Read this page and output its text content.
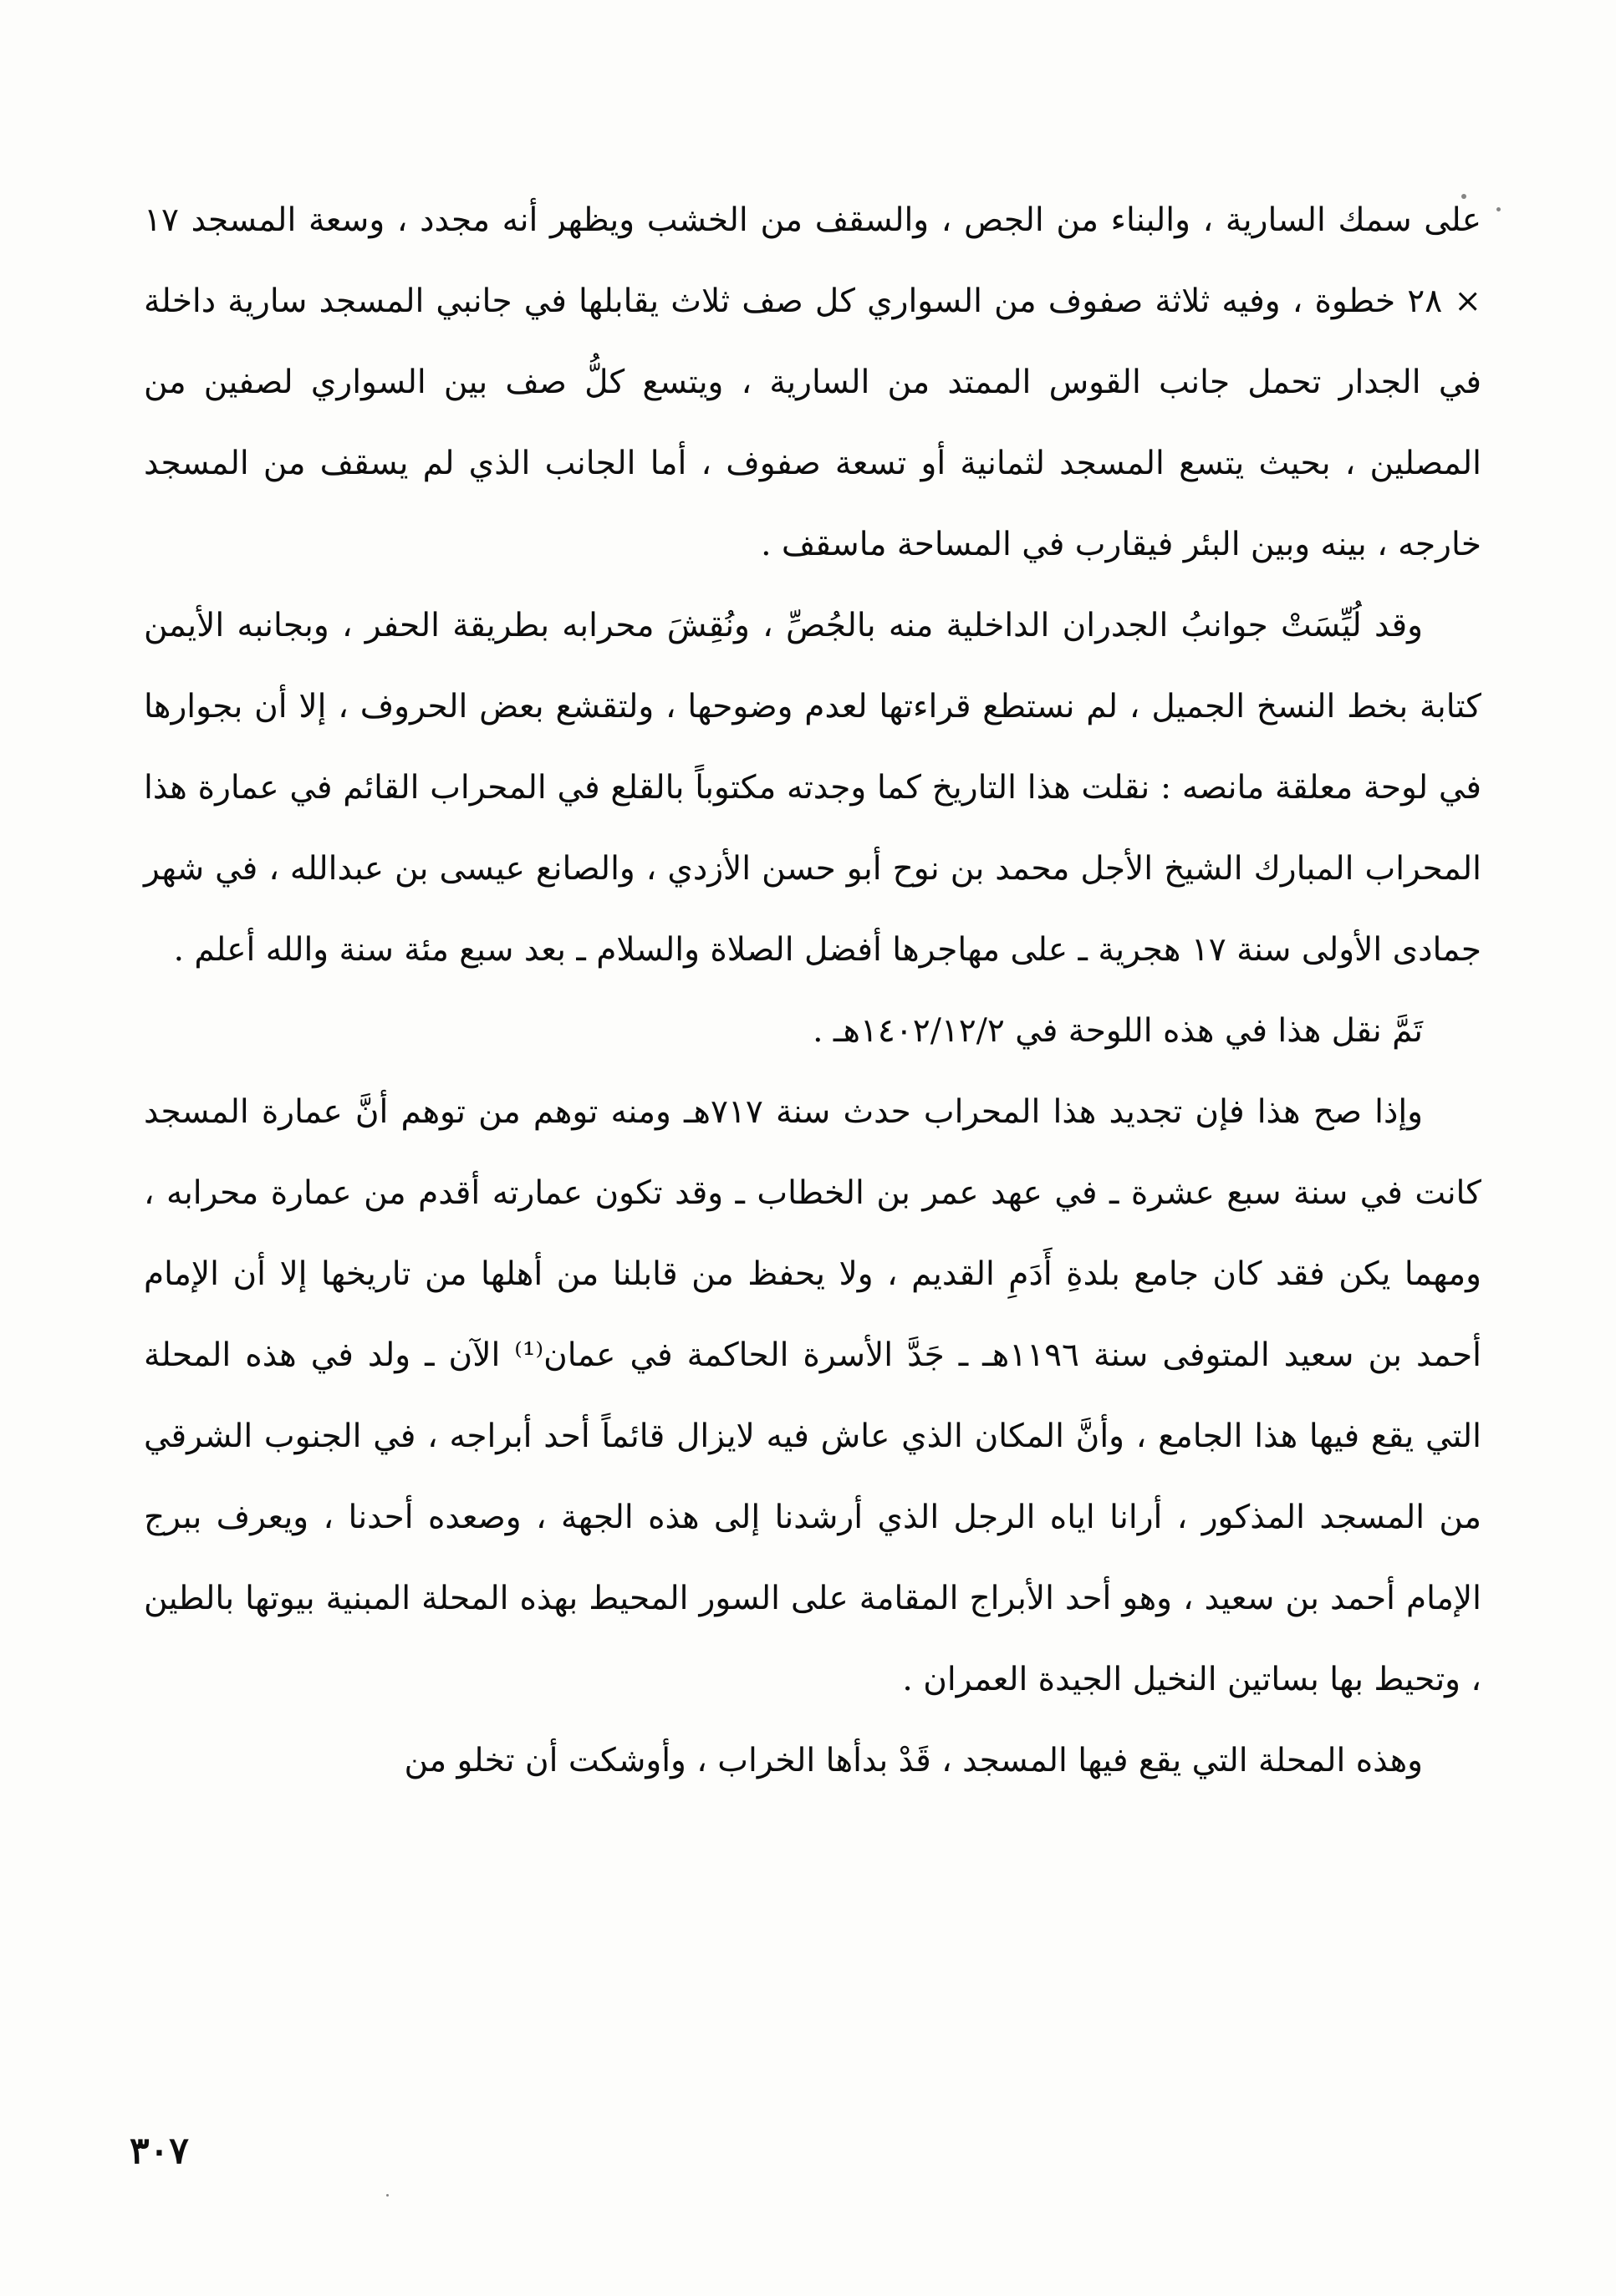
على سمك السارية ، والبناء من الجص ، والسقف من الخشب ويظهر أنه مجدد ، وسعة المسجد ١٧ × ٢٨ خطوة ، وفيه ثلاثة صفوف من السواري كل صف ثلاث يقابلها في جانبي المسجد سارية داخلة في الجدار تحمل جانب القوس الممتد من السارية ، ويتسع كلُّ صف بين السواري لصفين من المصلين ، بحيث يتسع المسجد لثمانية أو تسعة صفوف ، أما الجانب الذي لم يسقف من المسجد خارجه ، بينه وبين البئر فيقارب في المساحة ماسقف .

وقد لُيِّسَتْ جوانبُ الجدران الداخلية منه بالجُصِّ ، ونُقِشَ محرابه بطريقة الحفر ، وبجانبه الأيمن كتابة بخط النسخ الجميل ، لم نستطع قراءتها لعدم وضوحها ، ولتقشع بعض الحروف ، إلا أن بجوارها في لوحة معلقة مانصه : نقلت هذا التاريخ كما وجدته مكتوباً بالقلع في المحراب القائم في عمارة هذا المحراب المبارك الشيخ الأجل محمد بن نوح أبو حسن الأزدي ، والصانع عيسى بن عبدالله ، في شهر جمادى الأولى سنة ١٧ هجرية ـ على مهاجرها أفضل الصلاة والسلام ـ بعد سبع مئة سنة والله أعلم .

تَمَّ نقل هذا في هذه اللوحة في ١٤٠٢/١٢/٢هـ .

وإذا صح هذا فإن تجديد هذا المحراب حدث سنة ٧١٧هـ ومنه توهم من توهم أنَّ عمارة المسجد كانت في سنة سبع عشرة ـ في عهد عمر بن الخطاب ـ وقد تكون عمارته أقدم من عمارة محرابه ، ومهما يكن فقد كان جامع بلدةِ أَدَمِ القديم ، ولا يحفظ من قابلنا من أهلها من تاريخها إلا أن الإمام أحمد بن سعيد المتوفى سنة ١١٩٦هـ ـ جَدَّ الأسرة الحاكمة في عمان⁽¹⁾ الآن ـ ولد في هذه المحلة التي يقع فيها هذا الجامع ، وأنَّ المكان الذي عاش فيه لايزال قائماً أحد أبراجه ، في الجنوب الشرقي من المسجد المذكور ، أرانا اياه الرجل الذي أرشدنا إلى هذه الجهة ، وصعده أحدنا ، ويعرف ببرج الإمام أحمد بن سعيد ، وهو أحد الأبراج المقامة على السور المحيط بهذه المحلة المبنية بيوتها بالطين ، وتحيط بها بساتين النخيل الجيدة العمران .

وهذه المحلة التي يقع فيها المسجد ، قَدْ بدأها الخراب ، وأوشكت أن تخلو من

٣٠٧
